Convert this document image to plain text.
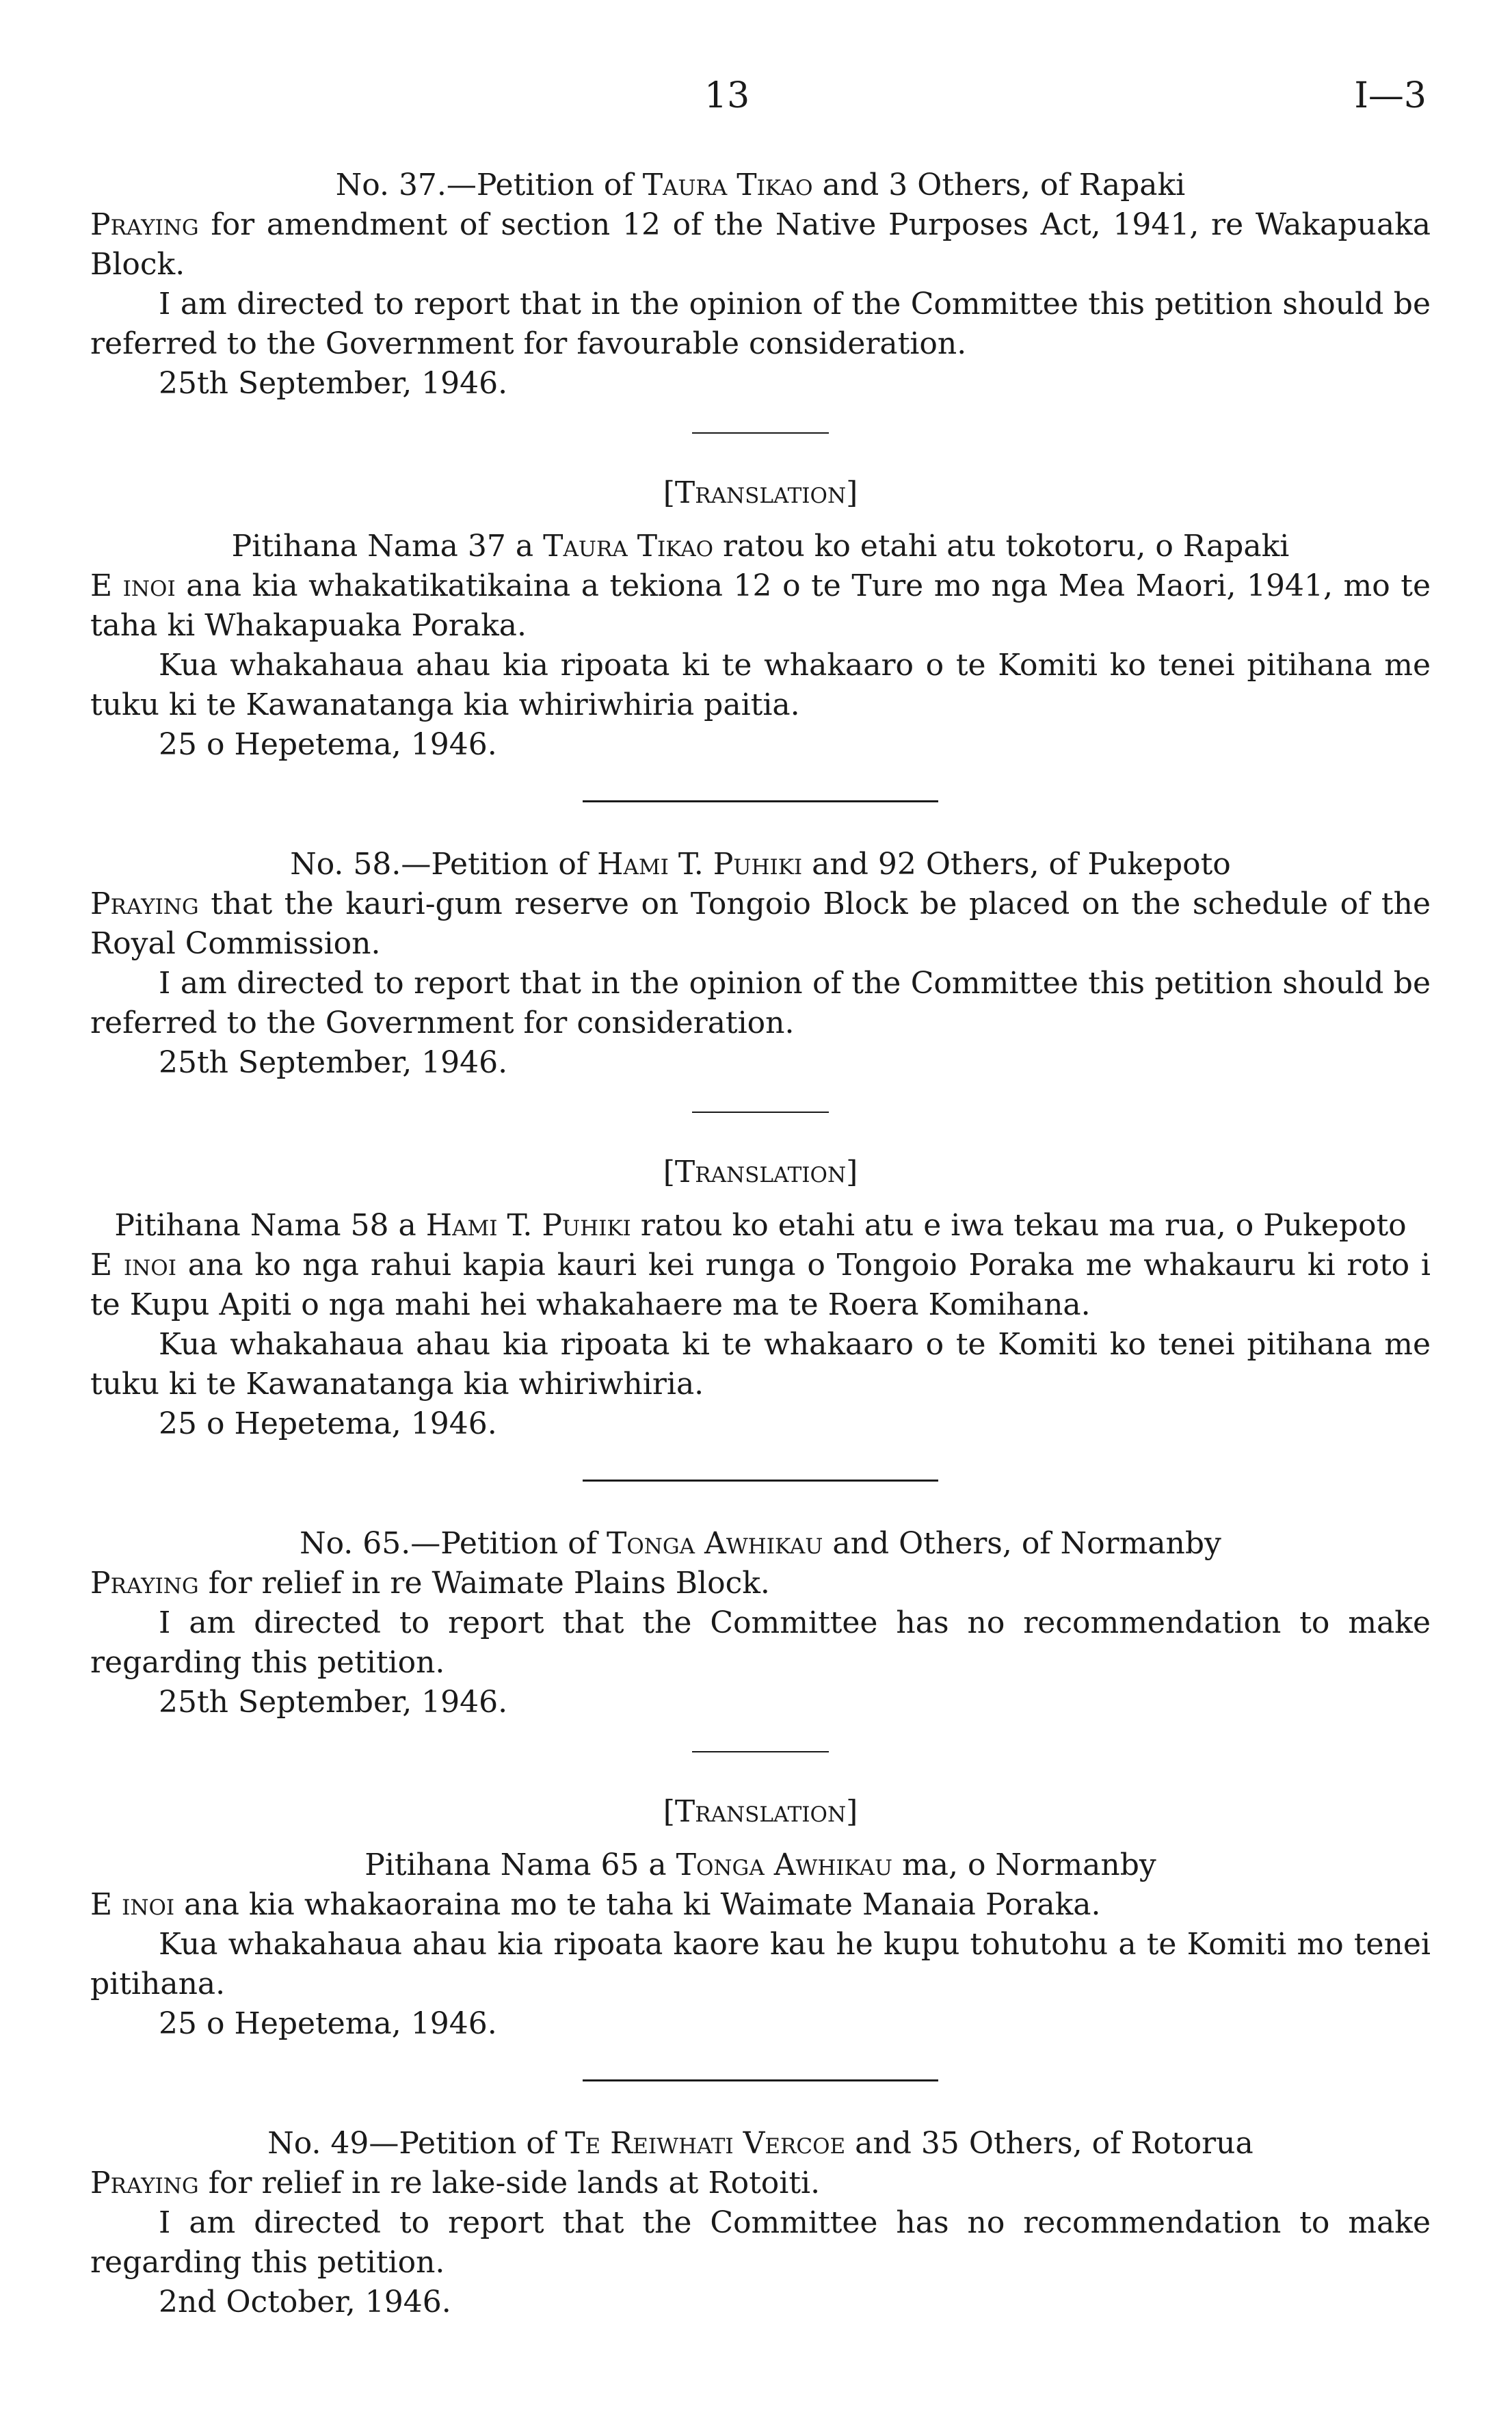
13	I—3

No. 37.—Petition of Taura Tikao and 3 Others, of Rapaki

Praying for amendment of section 12 of the Native Purposes Act, 1941, re Wakapuaka Block.

I am directed to report that in the opinion of the Committee this petition should be referred to the Government for favourable consideration.

25th September, 1946.

[Translation]

Pitihana Nama 37 a Taura Tikao ratou ko etahi atu tokotoru, o Rapaki

E inoi ana kia whakatikatikaina a tekiona 12 o te Ture mo nga Mea Maori, 1941, mo te taha ki Whakapuaka Poraka.

Kua whakahaua ahau kia ripoata ki te whakaaro o te Komiti ko tenei pitihana me tuku ki te Kawanatanga kia whiriwhiria paitia.

25 o Hepetema, 1946.

No. 58.—Petition of Hami T. Puhiki and 92 Others, of Pukepoto

Praying that the kauri-gum reserve on Tongoio Block be placed on the schedule of the Royal Commission.

I am directed to report that in the opinion of the Committee this petition should be referred to the Government for consideration.

25th September, 1946.

[Translation]

Pitihana Nama 58 a Hami T. Puhiki ratou ko etahi atu e iwa tekau ma rua, o Pukepoto

E inoi ana ko nga rahui kapia kauri kei runga o Tongoio Poraka me whakauru ki roto i te Kupu Apiti o nga mahi hei whakahaere ma te Roera Komihana.

Kua whakahaua ahau kia ripoata ki te whakaaro o te Komiti ko tenei pitihana me tuku ki te Kawanatanga kia whiriwhiria.

25 o Hepetema, 1946.

No. 65.—Petition of Tonga Awhikau and Others, of Normanby

Praying for relief in re Waimate Plains Block.

I am directed to report that the Committee has no recommendation to make regarding this petition.

25th September, 1946.

[Translation]

Pitihana Nama 65 a Tonga Awhikau ma, o Normanby

E inoi ana kia whakaoraina mo te taha ki Waimate Manaia Poraka.

Kua whakahaua ahau kia ripoata kaore kau he kupu tohutohu a te Komiti mo tenei pitihana.

25 o Hepetema, 1946.

No. 49—Petition of Te Reiwhati Vercoe and 35 Others, of Rotorua

Praying for relief in re lake-side lands at Rotoiti.

I am directed to report that the Committee has no recommendation to make regarding this petition.

2nd October, 1946.
